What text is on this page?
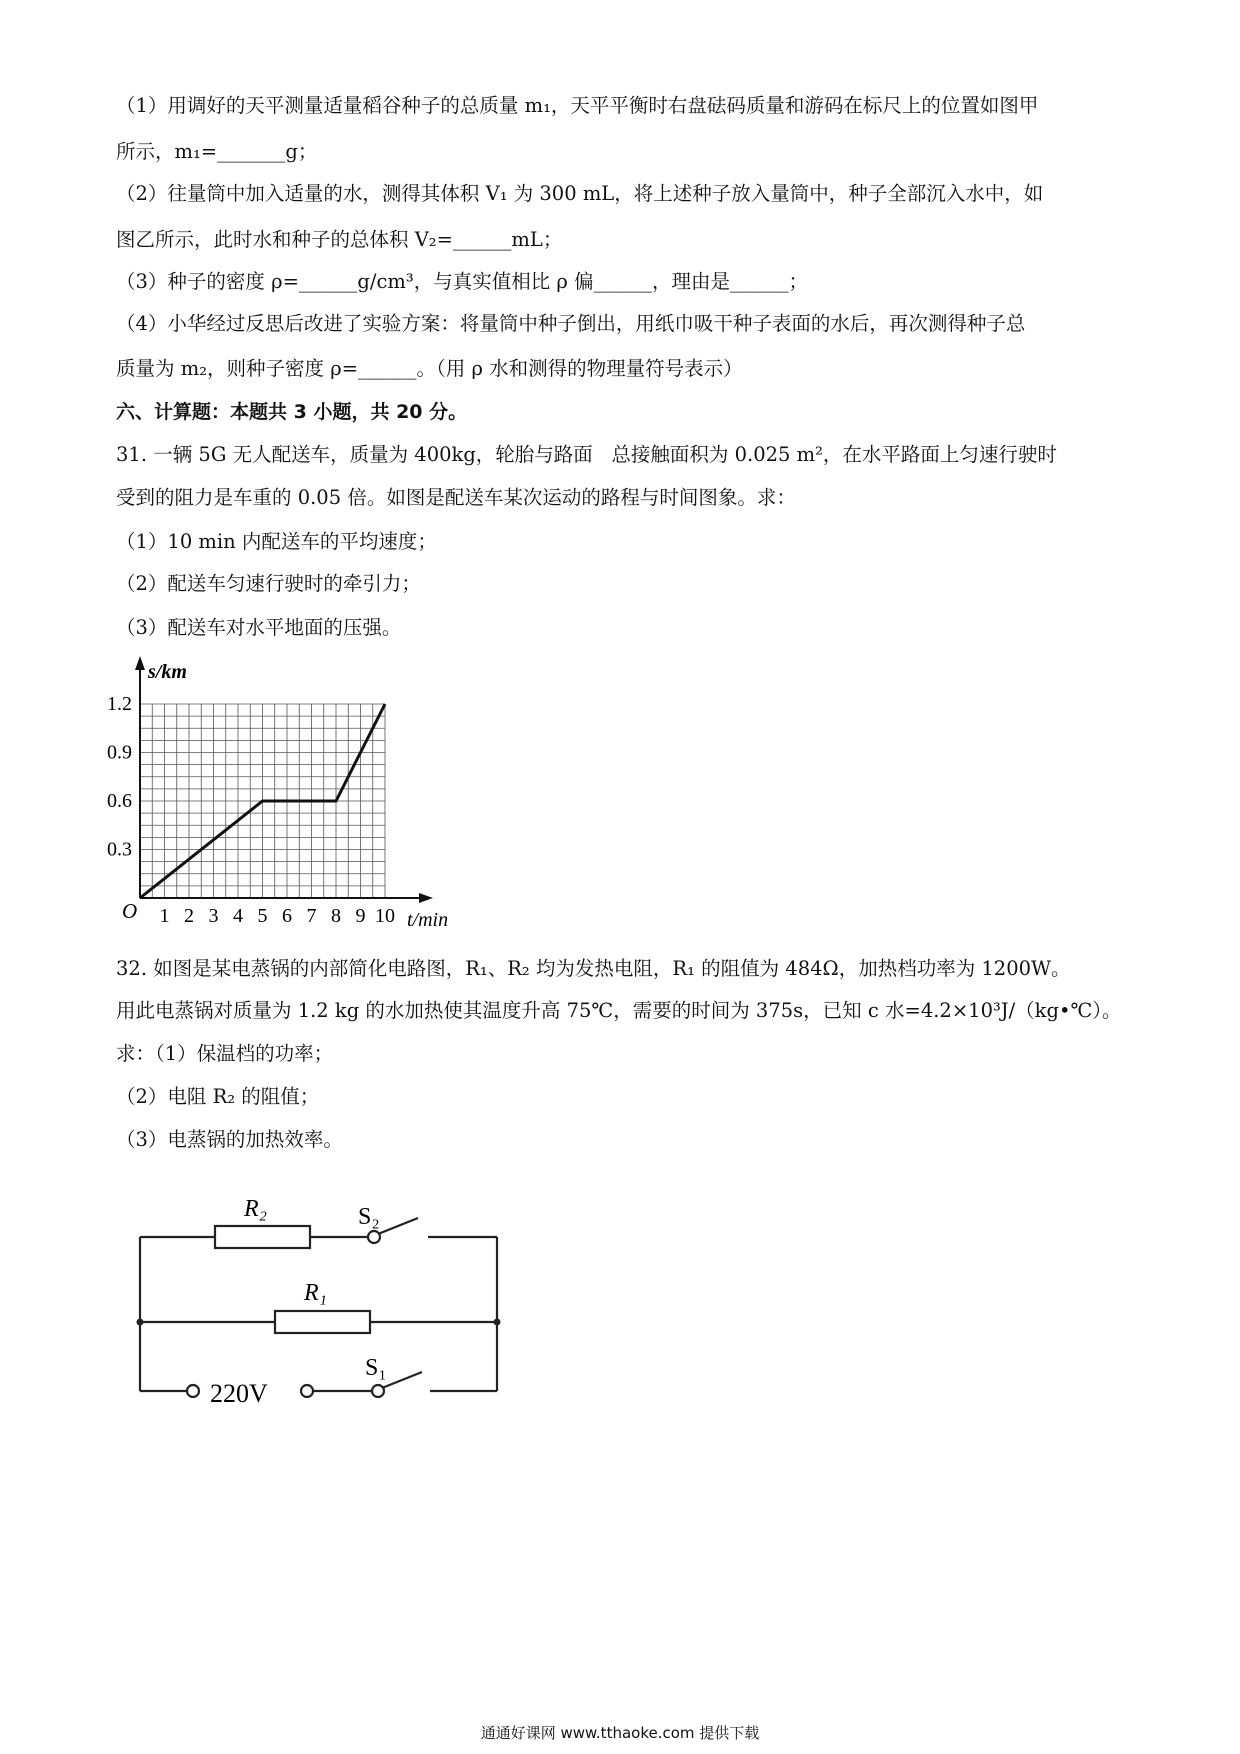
（1）用调好的天平测量适量稻谷种子的总质量 m₁，天平平衡时右盘砝码质量和游码在标尺上的位置如图甲
所示，m₁=_______g；
（2）往量筒中加入适量的水，测得其体积 V₁ 为 300 mL，将上述种子放入量筒中，种子全部沉入水中，如
图乙所示，此时水和种子的总体积 V₂=______mL；
（3）种子的密度 ρ=______g/cm³，与真实值相比 ρ 偏______，理由是______；
（4）小华经过反思后改进了实验方案：将量筒中种子倒出，用纸巾吸干种子表面的水后，再次测得种子总
质量为 m₂，则种子密度 ρ=______。（用 ρ 水和测得的物理量符号表示）
六、计算题：本题共 3 小题，共 20 分。
31. 一辆 5G 无人配送车，质量为 400kg，轮胎与路面   总接触面积为 0.025 m²，在水平路面上匀速行驶时
受到的阻力是车重的 0.05 倍。如图是配送车某次运动的路程与时间图象。求：
（1）10 min 内配送车的平均速度；
（2）配送车匀速行驶时的牵引力；
（3）配送车对水平地面的压强。
1 2 3 4 5 6 7 8 9 10
0.3
0.6
0.9
1.2
O	t/min
s/km
32. 如图是某电蒸锅的内部简化电路图，R₁、R₂ 均为发热电阻，R₁ 的阻值为 484Ω，加热档功率为 1200W。
用此电蒸锅对质量为 1.2 kg 的水加热使其温度升高 75℃，需要的时间为 375s，已知 c 水=4.2×10³J/（kg•℃）。
求：（1）保温档的功率；
（2）电阻 R₂ 的阻值；
（3）电蒸锅的加热效率。
R₂	S₂
R₁
S₁
220V
通通好课网 www.tthaoke.com 提供下载
